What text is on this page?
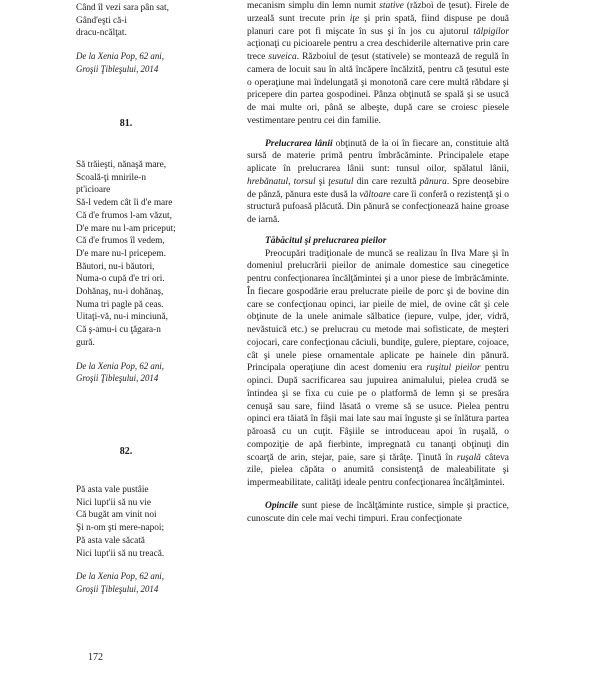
Când îl vezi sara pân sat,
Gând'eşti că-i
dracu-ncălţat.
De la Xenia Pop, 62 ani,
Groşii Ţibleşului, 2014
81.
Să trăieşti, nănaşă mare,
Scoală-ţi mnirile-n
pt'icioare
Să-l vedem cât îi d'e mare
Că d'e frumos l-am văzut,
D'e mare nu l-am priceput;
Că d'e frumos îl vedem,
D'e mare nu-l pricepem.
Băutori, nu-i băutori,
Numa-o cupă d'e tri ori.
Dohănaş, nu-i dohănaş,
Numa tri pagle pă ceas.
Uitaţi-vă, nu-i minciună,
Că ş-amu-i cu ţăgara-n
gură.
De la Xenia Pop, 62 ani,
Groşii Ţibleşului, 2014
82.
Pă asta vale pustâie
Nici lupt'ii să nu vie
Că bugăt am vinit noi
Şi n-om şti mere-napoi;
Pă asta vale săcată
Nici lupt'ii să nu treacă.
De la Xenia Pop, 62 ani,
Groşii Ţibleşului, 2014

mecanism simplu din lemn numit stative (războì de ţesut). Firele de urzeală sunt trecute prin iţe şi prin spată, fiind dispuse pe două planuri care pot fi mişcate în sus şi în jos cu ajutorul tălpigilor acţionaţi cu picioarele pentru a crea deschiderile alternative prin care trece suveica. Războiul de ţesut (stativele) se montează de regulă în camera de locuit sau în altă încăpere încălzită, pentru că ţesutul este o operaţiune mai îndelungată şi monotonă care cere multă răbdare şi pricepere din partea gospodinei. Pânza obţinută se spală şi se usucă de mai multe ori, până se albeşte, după care se croiesc piesele vestimentare pentru cei din familie.

Prelucrarea lânii obţinută de la oi în fiecare an, constituie altă sursă de materie primă pentru îmbrăcăminte. Principalele etape aplicate în prelucrarea lânii sunt: tunsul oilor, spălatul lânii, hrebănatul, torsul şi ţesutul din care rezultă pănura. Spre deosebire de pânză, pănura este dusă la văltoare care îi conferă o rezistenţă şi o structură pufoasă plăcută. Din pănură se confecţionează haine groase de iarnă.

Tăbăcitul şi prelucrarea pieilor

Preocupări tradiţionale de muncă se realizau în Ilva Mare şi în domeniul prelucrării pieilor de animale domestice sau cinegetice pentru confecţionarea încălţămintei şi a unor piese de îmbrăcăminte. În fiecare gospodărie erau prelucrate pieile de porc şi de bovine din care se confecţionau opinci, iar pieile de miel, de ovine cât şi cele obţinute de la unele animale sălbatice (iepure, vulpe, jder, vidră, nevăstuică etc.) se prelucrau cu metode mai sofisticate, de meşteri cojocari, care confecţionau căciuli, bundiţe, gulere, pieptare, cojoace, cât şi unele piese ornamentale aplicate pe hainele din pănură. Principala operaţiune din acest domeniu era ruşitul pieilor pentru opinci. După sacrificarea sau jupuirea animalului, pielea crudă se întindea şi se fixa cu cuie pe o platformă de lemn şi se presăra cenuşă sau sare, fiind lăsată o vreme să se usuce. Pielea pentru opinci era tăiată în fâşii mai late sau mai înguste şi se înlătura partea păroasă cu un cuţit. Fâşiile se introduceau apoi în ruşală, o compoziţie de apă fierbinte, impregnată cu tananţi obţinuţi din scoarţă de arin, stejar, paie, sare şi tărâţe. Ţinută în ruşală câteva zile, pielea căpăta o anumită consistenţă de maleabilitate şi impermeabilitate, calităţi ideale pentru confecţionarea încălţămintei.

Opincile sunt piese de încălţăminte rustice, simple şi practice, cunoscute din cele mai vechi timpuri. Erau confecţionate

172
